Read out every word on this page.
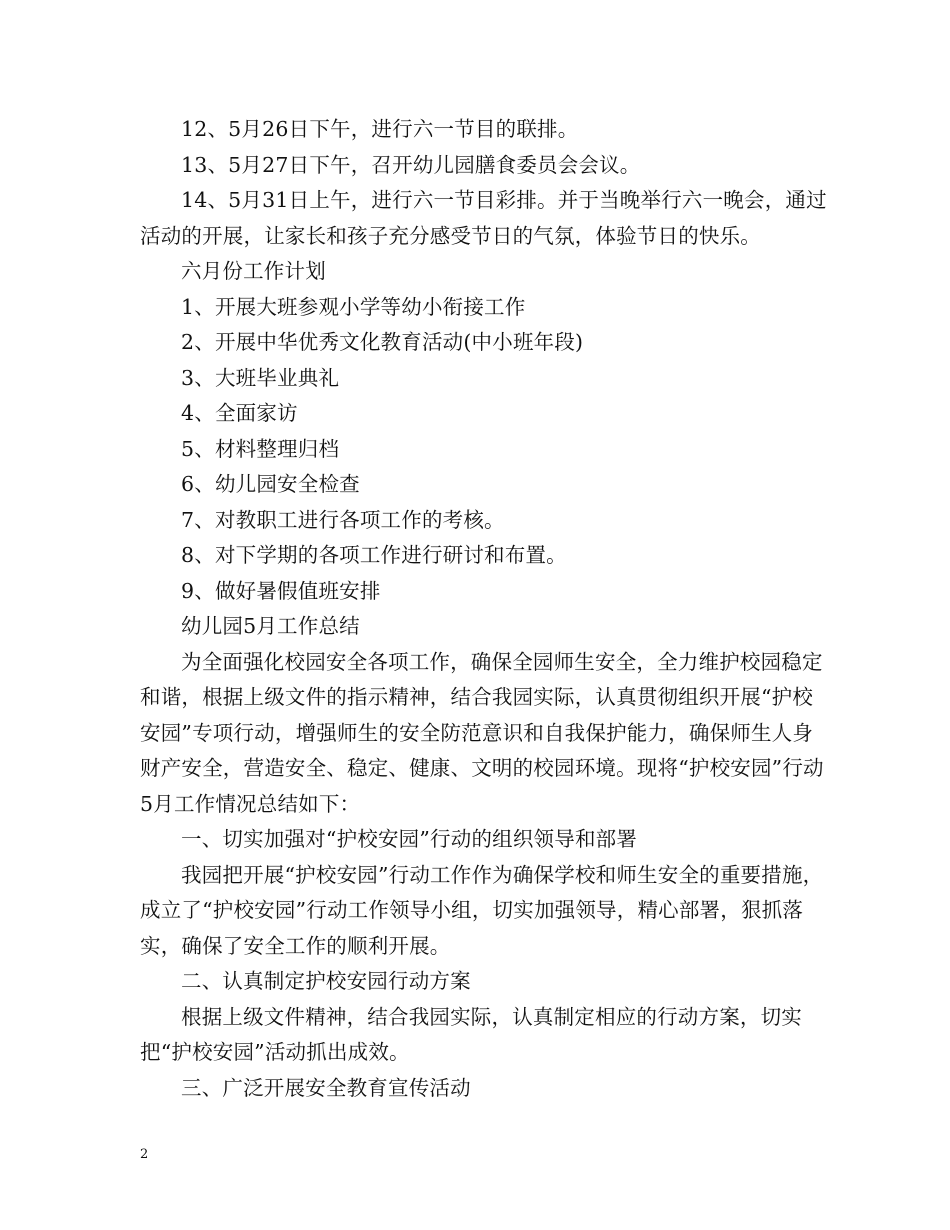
12、5月26日下午，进行六一节目的联排。

13、5月27日下午，召开幼儿园膳食委员会会议。

14、5月31日上午，进行六一节目彩排。并于当晚举行六一晚会，通过活动的开展，让家长和孩子充分感受节日的气氛，体验节日的快乐。

六月份工作计划

1、开展大班参观小学等幼小衔接工作

2、开展中华优秀文化教育活动(中小班年段)

3、大班毕业典礼

4、全面家访

5、材料整理归档

6、幼儿园安全检查

7、对教职工进行各项工作的考核。

8、对下学期的各项工作进行研讨和布置。

9、做好暑假值班安排

幼儿园5月工作总结

为全面强化校园安全各项工作，确保全园师生安全，全力维护校园稳定和谐，根据上级文件的指示精神，结合我园实际，认真贯彻组织开展“护校安园”专项行动，增强师生的安全防范意识和自我保护能力，确保师生人身财产安全，营造安全、稳定、健康、文明的校园环境。现将“护校安园”行动5月工作情况总结如下：

一、切实加强对“护校安园”行动的组织领导和部署

我园把开展“护校安园”行动工作作为确保学校和师生安全的重要措施，成立了“护校安园”行动工作领导小组，切实加强领导，精心部署，狠抓落实，确保了安全工作的顺利开展。

二、认真制定护校安园行动方案

根据上级文件精神，结合我园实际，认真制定相应的行动方案，切实把“护校安园”活动抓出成效。

三、广泛开展安全教育宣传活动

2
